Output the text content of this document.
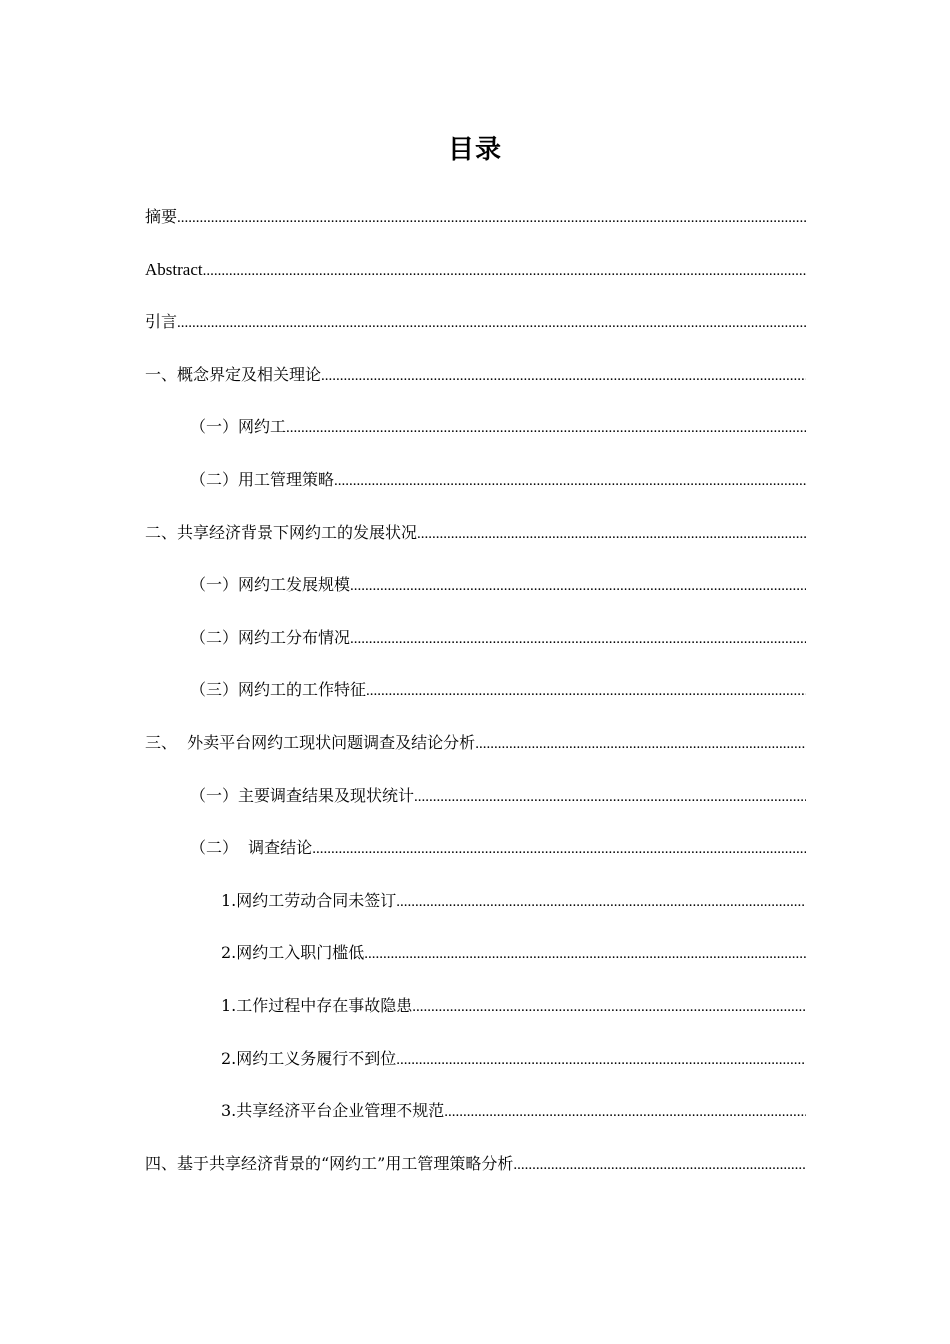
目录
摘要
.....
Abstract
.....
引言
.....
一、概念界定及相关理论
.....
（一）网约工
.....
（二）用工管理策略
.....
二、共享经济背景下网约工的发展状况
.....
（一）网约工发展规模
.....
（二）网约工分布情况
.....
（三）网约工的工作特征
.....
三、  外卖平台网约工现状问题调查及结论分析
.....
（一）主要调查结果及现状统计
.....
（二）  调查结论
.....
1.网约工劳动合同未签订
.....
2.网约工入职门槛低
.....
1.工作过程中存在事故隐患
.....
2.网约工义务履行不到位
.....
3.共享经济平台企业管理不规范
.....
四、基于共享经济背景的“网约工”用工管理策略分析
.....
